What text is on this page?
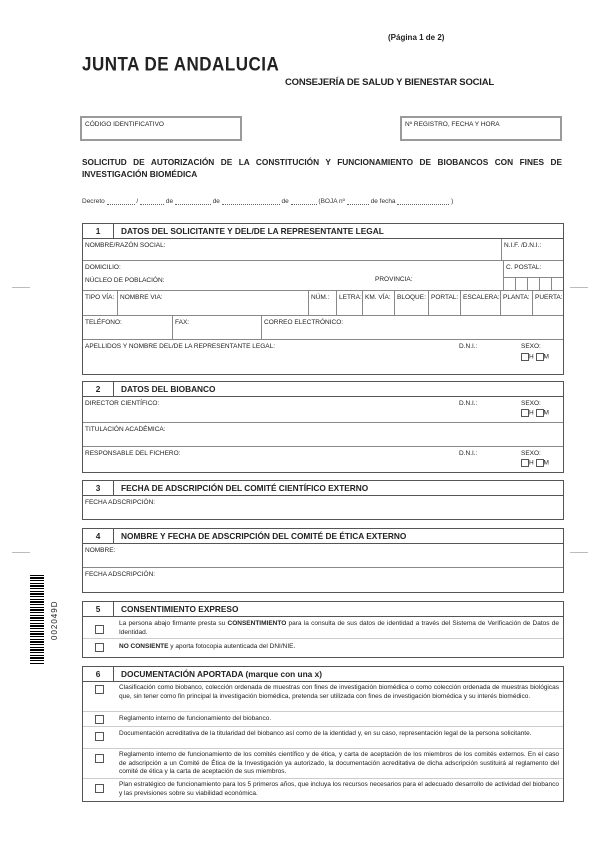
(Página 1 de 2)
JUNTA DE ANDALUCIA
CONSEJERÍA DE SALUD Y BIENESTAR SOCIAL
CÓDIGO IDENTIFICATIVO	Nº REGISTRO, FECHA Y HORA
SOLICITUD DE AUTORIZACIÓN DE LA CONSTITUCIÓN Y FUNCIONAMIENTO DE BIOBANCOS CON FINES DE INVESTIGACIÓN BIOMÉDICA
Decreto	/	de	de	de	(BOJA nº	de fecha	)
1	DATOS DEL SOLICITANTE Y DEL/DE LA REPRESENTANTE LEGAL
NOMBRE/RAZÓN SOCIAL:	N.I.F. /D.N.I.:
DOMICILIO:
NÚCLEO DE POBLACIÓN:	PROVINCIA:
C. POSTAL:
TIPO VÍA: NOMBRE VIA:	NÚM.:	LETRA: KM. VÍA: BLOQUE: PORTAL: ESCALERA: PLANTA: PUERTA:
TELÉFONO:	FAX:	CORREO ELECTRÓNICO:
APELLIDOS Y NOMBRE DEL/DE LA REPRESENTANTE LEGAL:	D.N.I.:	SEXO:
H M
2	DATOS DEL BIOBANCO
DIRECTOR CIENTÍFICO:	D.N.I.:	SEXO:
H M
TITULACIÓN ACADÉMICA:
RESPONSABLE DEL FICHERO:	D.N.I.:	SEXO:
H M
3	FECHA DE ADSCRIPCIÓN DEL COMITÉ CIENTÍFICO EXTERNO
FECHA ADSCRIPCIÓN:
4	NOMBRE Y FECHA DE ADSCRIPCIÓN DEL COMITÉ DE ÉTICA EXTERNO
NOMBRE:
FECHA ADSCRIPCIÓN:
5	CONSENTIMIENTO EXPRESO
La persona abajo firmante presta su CONSENTIMIENTO para la consulta de sus datos de identidad a través del Sistema de Verificación de Datos de Identidad.
NO CONSIENTE y aporta fotocopia autenticada del DNI/NIE.
6	DOCUMENTACIÓN APORTADA (marque con una x)
Clasificación como biobanco, colección ordenada de muestras con fines de investigación biomédica o como colección ordenada de muestras biológicas que, sin tener como fin principal la investigación biomédica, pretenda ser utilizada con fines de investigación biomédica y su interés biomédico.
Reglamento interno de funcionamiento del biobanco.
Documentación acreditativa de la titularidad del biobanco así como de la identidad y, en su caso, representación legal de la persona solicitante.
Reglamento interno de funcionamiento de los comités científico y de ética, y carta de aceptación de los miembros de los comités externos. En el caso de adscripción a un Comité de Ética de la Investigación ya autorizado, la documentación acreditativa de dicha adscripción sustituirá al reglamento del comité de ética y la carta de aceptación de sus miembros.
Plan estratégico de funcionamiento para los 5 primeros años, que incluya los recursos necesarios para el adecuado desarrollo de actividad del biobanco y las previsiones sobre su viabilidad económica.
002049D
